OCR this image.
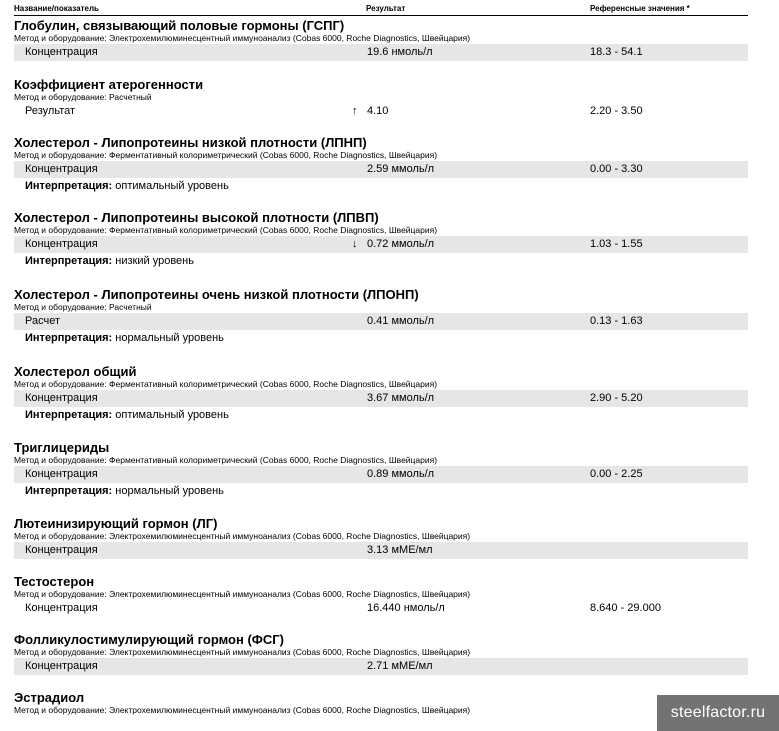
Название/показатель	Результат	Референсные значения *
Глобулин, связывающий половые гормоны (ГСПГ)
Метод и оборудование: Электрохемилюминесцентный иммуноанализ (Cobas 6000, Roche Diagnostics, Швейцария)
Концентрация	19.6 нмоль/л	18.3 - 54.1
Коэффициент атерогенности
Метод и оборудование: Расчетный
Результат	↑ 4.10	2.20 - 3.50
Холестерол - Липопротеины низкой плотности (ЛПНП)
Метод и оборудование: Ферментативный колориметрический (Cobas 6000, Roche Diagnostics, Швейцария)
Концентрация	2.59 ммоль/л	0.00 - 3.30
Интерпретация: оптимальный уровень
Холестерол - Липопротеины высокой плотности (ЛПВП)
Метод и оборудование: Ферментативный колориметрический (Cobas 6000, Roche Diagnostics, Швейцария)
Концентрация	↓ 0.72 ммоль/л	1.03 - 1.55
Интерпретация: низкий уровень
Холестерол - Липопротеины очень низкой плотности (ЛПОНП)
Метод и оборудование: Расчетный
Расчет	0.41 ммоль/л	0.13 - 1.63
Интерпретация: нормальный уровень
Холестерол общий
Метод и оборудование: Ферментативный колориметрический (Cobas 6000, Roche Diagnostics, Швейцария)
Концентрация	3.67 ммоль/л	2.90 - 5.20
Интерпретация: оптимальный уровень
Триглицериды
Метод и оборудование: Ферментативный колориметрический (Cobas 6000, Roche Diagnostics, Швейцария)
Концентрация	0.89 ммоль/л	0.00 - 2.25
Интерпретация: нормальный уровень
Лютеинизирующий гормон (ЛГ)
Метод и оборудование: Электрохемилюминесцентный иммуноанализ (Cobas 6000, Roche Diagnostics, Швейцария)
Концентрация	3.13 мМЕ/мл
Тестостерон
Метод и оборудование: Электрохемилюминесцентный иммуноанализ (Cobas 6000, Roche Diagnostics, Швейцария)
Концентрация	16.440 нмоль/л	8.640 - 29.000
Фолликулостимулирующий гормон (ФСГ)
Метод и оборудование: Электрохемилюминесцентный иммуноанализ (Cobas 6000, Roche Diagnostics, Швейцария)
Концентрация	2.71 мМЕ/мл
Эстрадиол
Метод и оборудование: Электрохемилюминесцентный иммуноанализ (Cobas 6000, Roche Diagnostics, Швейцария)	steelfactor.ru
